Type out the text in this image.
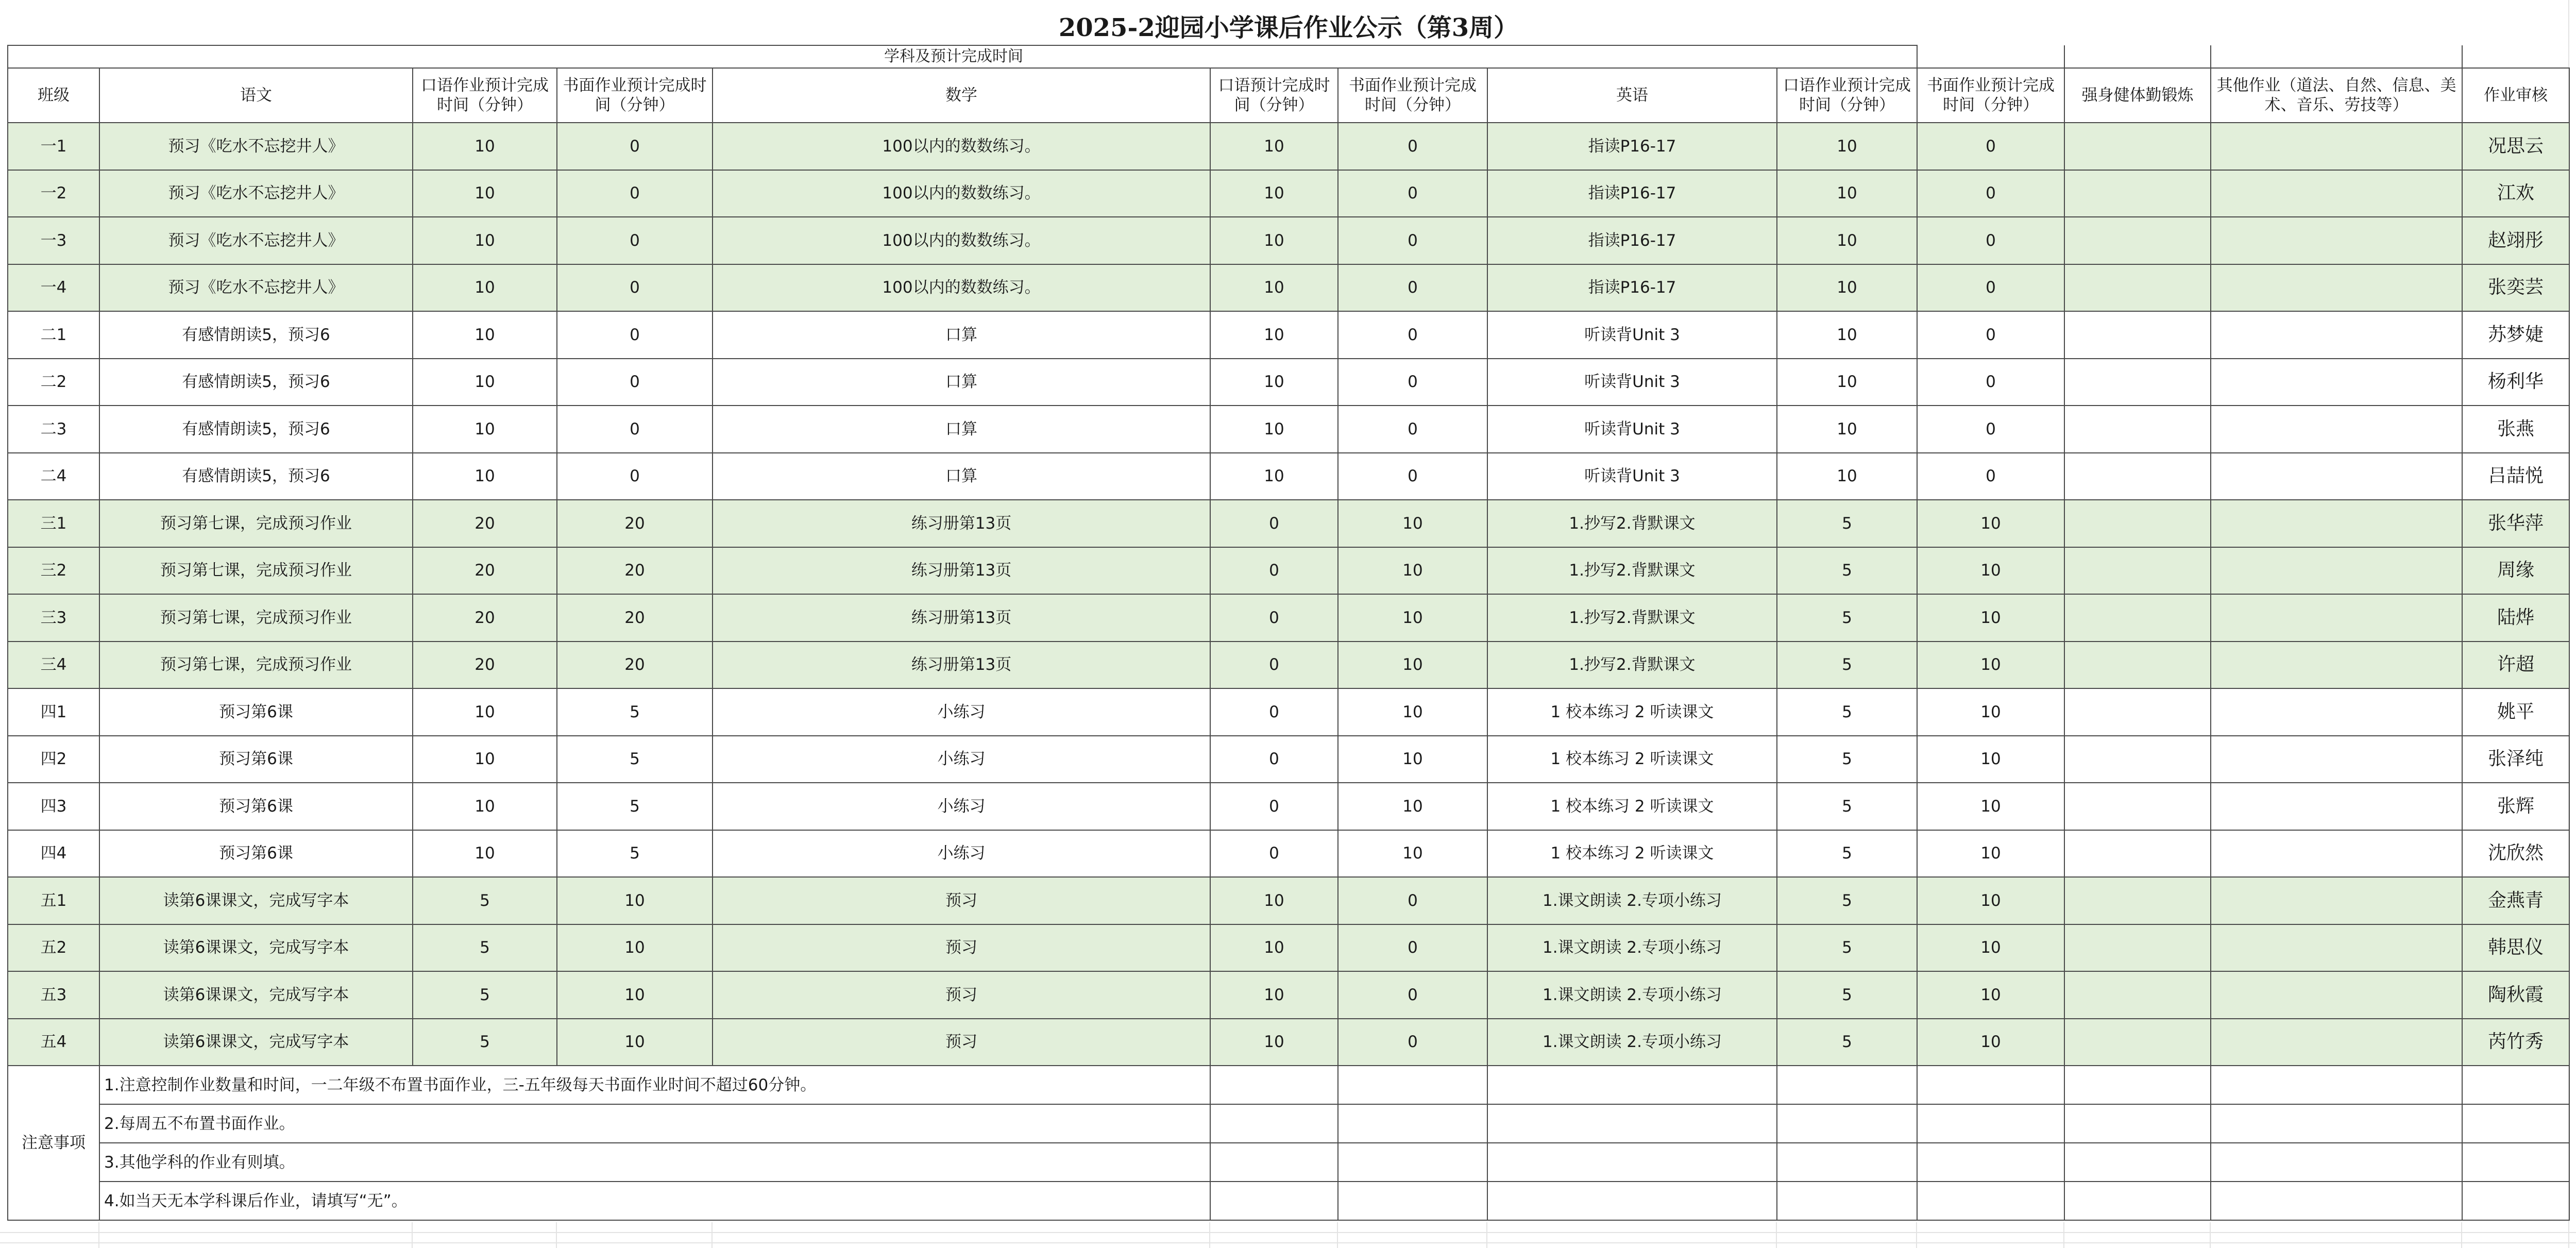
2025-2迎园小学课后作业公示（第3周）												
学科及预计完成时间												
班级	语文	口语作业预计完成时间（分钟）	书面作业预计完成时间（分钟）	数学	口语预计完成时间（分钟）	书面作业预计完成时间（分钟）	英语	口语作业预计完成时间（分钟）	书面作业预计完成时间（分钟）	强身健体勤锻炼	其他作业（道法、自然、信息、美术、音乐、劳技等）	作业审核
一1	预习《吃水不忘挖井人》	10	0	100以内的数数练习。	10	0	指读P16-17	10	0			况思云
一2	预习《吃水不忘挖井人》	10	0	100以内的数数练习。	10	0	指读P16-17	10	0			江欢
一3	预习《吃水不忘挖井人》	10	0	100以内的数数练习。	10	0	指读P16-17	10	0			赵翊彤
一4	预习《吃水不忘挖井人》	10	0	100以内的数数练习。	10	0	指读P16-17	10	0			张奕芸
二1	有感情朗读5，预习6	10	0	口算	10	0	听读背Unit 3	10	0			苏梦婕
二2	有感情朗读5，预习6	10	0	口算	10	0	听读背Unit 3	10	0			杨利华
二3	有感情朗读5，预习6	10	0	口算	10	0	听读背Unit 3	10	0			张燕
二4	有感情朗读5，预习6	10	0	口算	10	0	听读背Unit 3	10	0			吕喆悦
三1	预习第七课，完成预习作业	20	20	练习册第13页	0	10	1.抄写2.背默课文	5	10			张华萍
三2	预习第七课，完成预习作业	20	20	练习册第13页	0	10	1.抄写2.背默课文	5	10			周缘
三3	预习第七课，完成预习作业	20	20	练习册第13页	0	10	1.抄写2.背默课文	5	10			陆烨
三4	预习第七课，完成预习作业	20	20	练习册第13页	0	10	1.抄写2.背默课文	5	10			许超
四1	预习第6课	10	5	小练习	0	10	1 校本练习 2 听读课文	5	10			姚平
四2	预习第6课	10	5	小练习	0	10	1 校本练习 2 听读课文	5	10			张泽纯
四3	预习第6课	10	5	小练习	0	10	1 校本练习 2 听读课文	5	10			张辉
四4	预习第6课	10	5	小练习	0	10	1 校本练习 2 听读课文	5	10			沈欣然
五1	读第6课课文，完成写字本	5	10	预习	10	0	1.课文朗读 2.专项小练习	5	10			金燕青
五2	读第6课课文，完成写字本	5	10	预习	10	0	1.课文朗读 2.专项小练习	5	10			韩思仪
五3	读第6课课文，完成写字本	5	10	预习	10	0	1.课文朗读 2.专项小练习	5	10			陶秋霞
五4	读第6课课文，完成写字本	5	10	预习	10	0	1.课文朗读 2.专项小练习	5	10			芮竹秀
注意事项	1.注意控制作业数量和时间，一二年级不布置书面作业，三-五年级每天书面作业时间不超过60分钟。											
	2.每周五不布置书面作业。											
	3.其他学科的作业有则填。											
	4.如当天无本学科课后作业，请填写“无”。											
